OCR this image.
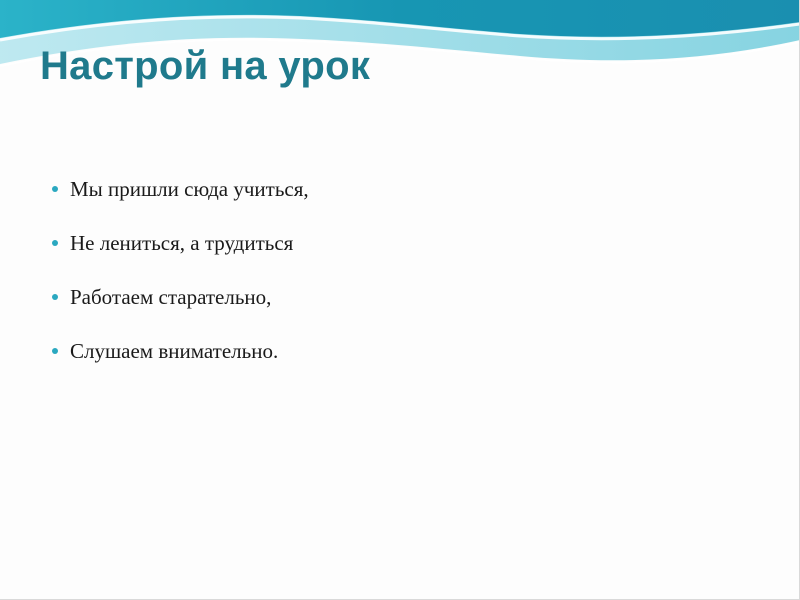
Настрой на урок
Мы пришли сюда учиться,
Не лениться, а трудиться
Работаем старательно,
Слушаем внимательно.
